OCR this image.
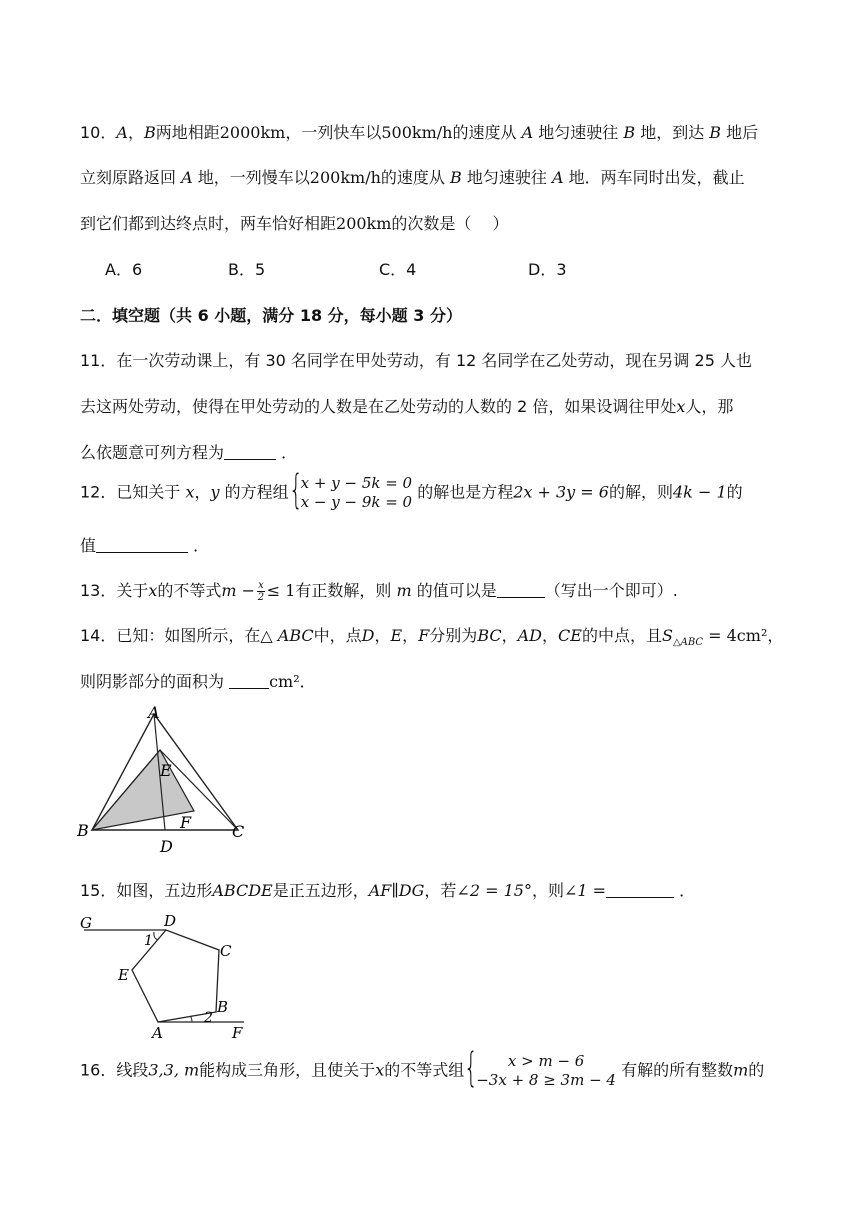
10．A，B两地相距2000km，一列快车以500km/h的速度从 A 地匀速驶往 B 地，到达 B 地后
立刻原路返回 A 地，一列慢车以200km/h的速度从 B 地匀速驶往 A 地．两车同时出发，截止
到它们都到达终点时，两车恰好相距200km的次数是（　 ）
A．6	B．5	C．4	D．3
二．填空题（共 6 小题，满分 18 分，每小题 3 分）
11．在一次劳动课上，有 30 名同学在甲处劳动，有 12 名同学在乙处劳动，现在另调 25 人也
去这两处劳动，使得在甲处劳动的人数是在乙处劳动的人数的 2 倍，如果设调往甲处x人，那
么依题意可列方程为	．
12．已知关于 x，y 的方程组 {
x + y − 5k = 0
x − y − 9k = 0
的解也是方程2x + 3y = 6的解，则4k − 1的
值	．
13．关于x的不等式$m - \frac{x}{2} \le 1$有正数解，则 m 的值可以是	（写出一个即可）.
14．已知：如图所示，在△ ABC中，点D，E，F分别为BC，AD，CE的中点，且$S_{\triangle ABC} = 4cm^2$，
则阴影部分的面积为	cm²．
A
E
F
B	C
D
15．如图，五边形ABCDE是正五边形，AF∥DG，若∠2 = 15°，则∠1 =	．
G	D
C
1
E
B
2
A	F
16．线段3,3, m能构成三角形，且使关于x的不等式组 {	x > m − 6
−3x + 8 ≥ 3m − 4
有解的所有整数m的
